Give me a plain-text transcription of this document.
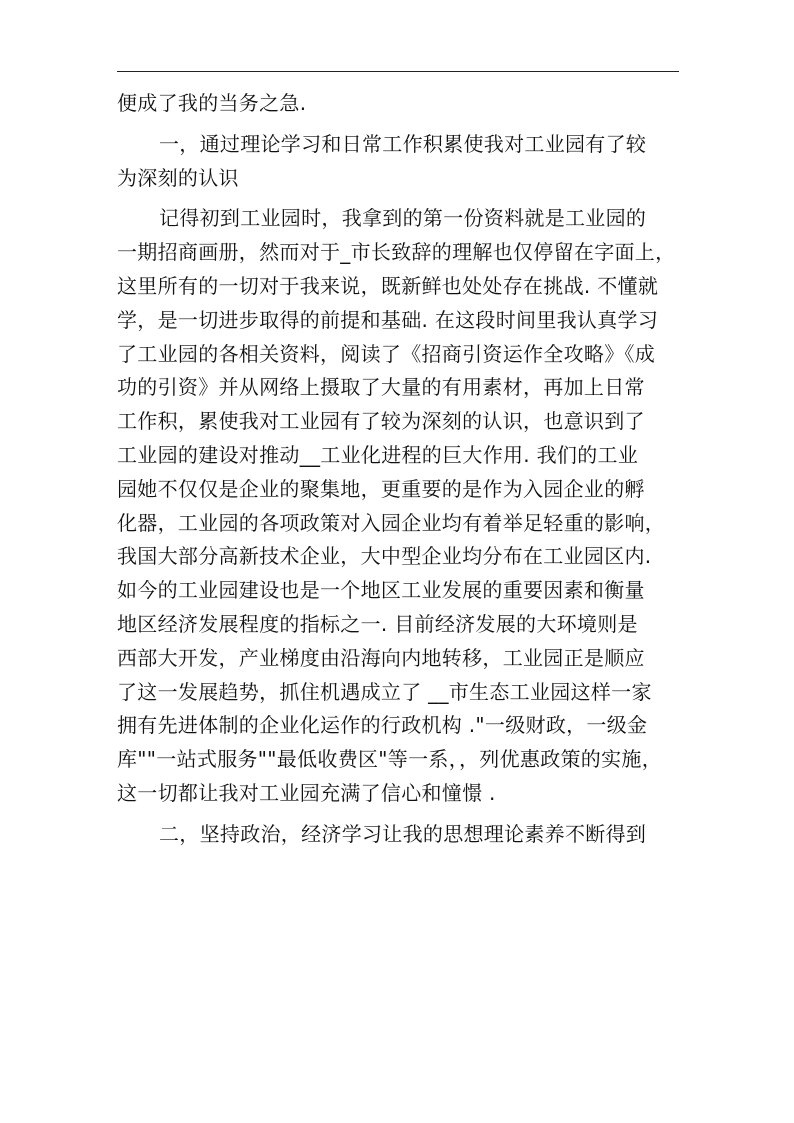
便成了我的当务之急.
一，通过理论学习和日常工作积累使我对工业园有了较
为深刻的认识
记得初到工业园时，我拿到的第一份资料就是工业园的
一期招商画册，然而对于_市长致辞的理解也仅停留在字面上，
这里所有的一切对于我来说，既新鲜也处处存在挑战. 不懂就
学，是一切进步取得的前提和基础. 在这段时间里我认真学习
了工业园的各相关资料，阅读了《招商引资运作全攻略》《成
功的引资》并从网络上摄取了大量的有用素材，再加上日常
工作积，累使我对工业园有了较为深刻的认识，也意识到了
工业园的建设对推动__工业化进程的巨大作用. 我们的工业
园她不仅仅是企业的聚集地，更重要的是作为入园企业的孵
化器，工业园的各项政策对入园企业均有着举足轻重的影响，
我国大部分高新技术企业，大中型企业均分布在工业园区内.
如今的工业园建设也是一个地区工业发展的重要因素和衡量
地区经济发展程度的指标之一. 目前经济发展的大环境则是
西部大开发，产业梯度由沿海向内地转移，工业园正是顺应
了这一发展趋势，抓住机遇成立了 __市生态工业园这样一家
拥有先进体制的企业化运作的行政机构 ."一级财政，一级金
库""一站式服务""最低收费区"等一系，，列优惠政策的实施，
这一切都让我对工业园充满了信心和憧憬 .
二，坚持政治，经济学习让我的思想理论素养不断得到
